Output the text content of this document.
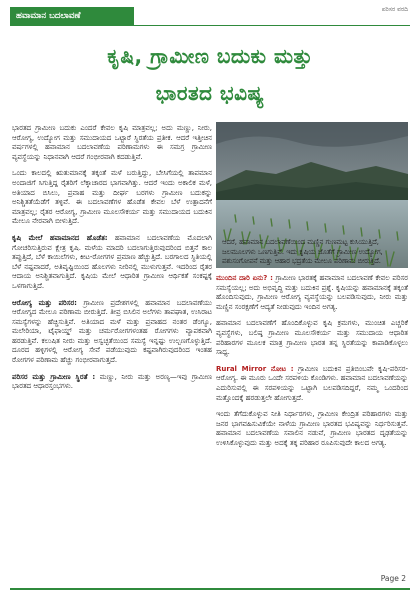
ಹವಾಮಾನ ಬದಲಾವಣೆ
ಪರಿಸರ ವರದಿ
ಕೃಷಿ, ಗ್ರಾಮೀಣ ಬದುಕು ಮತ್ತು
ಭಾರತದ ಭವಿಷ್ಯ

ಭಾರತದ ಗ್ರಾಮೀಣ ಬದುಕು ಎಂದರೆ ಕೇವಲ ಕೃಷಿ ಮಾತ್ರವಲ್ಲ; ಅದು ಮಣ್ಣು, ನೀರು, ಆರೋಗ್ಯ, ಉದ್ಯೋಗ ಮತ್ತು ಸಮುದಾಯದ ಒಟ್ಟಾರೆ ಸ್ಥಿರತೆಯ ಪ್ರತೀಕ. ಆದರೆ ಇತ್ತೀಚಿನ ವರ್ಷಗಳಲ್ಲಿ ಹವಾಮಾನ ಬದಲಾವಣೆಯ ಪರಿಣಾಮಗಳು ಈ ಸಮಗ್ರ ಗ್ರಾಮೀಣ ವ್ಯವಸ್ಥೆಯನ್ನು ನಿಧಾನವಾಗಿ ಆದರೆ ಗಂಭೀರವಾಗಿ ಕದಡುತ್ತಿವೆ.

ಒಂದು ಕಾಲದಲ್ಲಿ ಋತುಮಾನಕ್ಕೆ ತಕ್ಕಂತೆ ಮಳೆ ಬರುತ್ತಿದ್ದು, ಬೇಸಿಗೆಯಲ್ಲಿ ತಾಪಮಾನ ಅಂದಾಜಿಗೆ ಸಿಗುತ್ತಿದ್ದ ರೈತರಿಗೆ ಲೆಕ್ಕಾಚಾರದ ಭಾಗವಾಗಿತ್ತು. ಆದರೆ ಇಂದು ಅಕಾಲಿಕ ಮಳೆ, ಅತಿಯಾದ ಬಿಸಿಲು, ಪ್ರವಾಹ ಮತ್ತು ದೀರ್ಘ ಬರಗಳು ಗ್ರಾಮೀಣ ಬದುಕನ್ನು ಅನಿಶ್ಚಿತತೆಯೆಡೆಗೆ ತಳ್ಳಿವೆ. ಈ ಬದಲಾವಣೆಗಳ ಹೊಡೆತ ಕೇವಲ ಬೆಳೆ ಉತ್ಪಾದನೆಗೆ ಮಾತ್ರವಲ್ಲ; ರೈತರ ಆರೋಗ್ಯ, ಗ್ರಾಮೀಣ ಮೂಲಸೌಕರ್ಯ ಮತ್ತು ಸಮುದಾಯದ ಬದುಕಿನ ಮೇಲೂ ನೇರವಾಗಿ ಬೀಳುತ್ತಿದೆ.

ಕೃಷಿ ಮೇಲೆ ಹವಾಮಾನದ ಹೊಡೆತ: ಹವಾಮಾನ ಬದಲಾವಣೆಯ ಮೊದಲಾಗಿ ಗೋಚರಿಸುತ್ತಿರುವ ಕ್ಷೇತ್ರ ಕೃಷಿ. ಮಳೆಯ ಮಾದರಿ ಬದಲಾಗುತ್ತಿರುವುದರಿಂದ ಬಿತ್ತನೆ ಕಾಲ ತಪ್ಪುತ್ತಿದೆ, ಬೆಳೆ ಕಾಯಿಲೆಗಳು, ಕೀಟ-ರೋಗಗಳ ಪ್ರಮಾಣ ಹೆಚ್ಚುತ್ತಿದೆ. ಬರಗಾಲದ ಸ್ಥಿತಿಯಲ್ಲಿ ಬೆಳೆ ನಷ್ಟವಾದರೆ, ಅತಿವೃಷ್ಟಿಯಿಂದ ಹೊಲಗಳು ನೀರಿನಲ್ಲಿ ಮುಳುಗುತ್ತವೆ. ಇದರಿಂದ ರೈತರ ಆದಾಯ ಅನಿಶ್ಚಿತವಾಗುತ್ತಿದೆ. ಕೃಷಿಯ ಮೇಲೆ ಆಧಾರಿತ ಗ್ರಾಮೀಣ ಆರ್ಥಿಕತೆ ಸಂಕಷ್ಟಕ್ಕೆ ಒಳಗಾಗುತ್ತಿದೆ.

ಆರೋಗ್ಯ ಮತ್ತು ಪರಿಸರ: ಗ್ರಾಮೀಣ ಪ್ರದೇಶಗಳಲ್ಲಿ ಹವಾಮಾನ ಬದಲಾವಣೆಯು ಆರೋಗ್ಯದ ಮೇಲೂ ಪರಿಣಾಮ ಬೀರುತ್ತಿದೆ. ತೀವ್ರ ಬಿಸಿಲಿನ ಅಲೆಗಳು ತಾಪಘಾತ, ಉಸಿರಾಟ ಸಮಸ್ಯೆಗಳನ್ನು ಹೆಚ್ಚಿಸುತ್ತಿವೆ. ಅತಿಯಾದ ಮಳೆ ಮತ್ತು ಪ್ರವಾಹದ ನಂತರ ಡೆಂಗ್ಯೂ, ಮಲೇರಿಯಾ, ಟೈಫಾಯ್ಡ್ ಮತ್ತು ಚರ್ಮರೋಗಗಳಂತಹ ರೋಗಗಳು ವ್ಯಾಪಕವಾಗಿ ಹರಡುತ್ತಿವೆ. ಕಲುಷಿತ ನೀರು ಮತ್ತು ಅಸ್ವಚ್ಛತೆಯಿಂದ ಸಮಸ್ಯೆ ಇನ್ನಷ್ಟು ಉಲ್ಬಣಗೊಳ್ಳುತ್ತಿದೆ. ದೂರದ ಹಳ್ಳಿಗಳಲ್ಲಿ ಆರೋಗ್ಯ ಸೇವೆ ಪಡೆಯುವುದು ಕಷ್ಟವಾಗಿರುವುದರಿಂದ ಇಂತಹ ರೋಗಗಳ ಪರಿಣಾಮ ಹೆಚ್ಚು ಗಂಭೀರವಾಗುತ್ತದೆ.

ಪರಿಸರ ಮತ್ತು ಗ್ರಾಮೀಣ ಸ್ಥಿರತೆ : ಮಣ್ಣು, ನೀರು ಮತ್ತು ಅರಣ್ಯ—ಇವು ಗ್ರಾಮೀಣ ಭಾರತದ ಆಧಾರಸ್ತಂಭಗಳು.

ಆದರೆ, ಹವಾಮಾನ ಬದಲಾವಣೆಯಿಂದ ಮಣ್ಣಿನ ಗುಣಮಟ್ಟ ಕುಸಿಯುತ್ತಿದೆ, ಜಲಮೂಲಗಳು ಒಣಗುತ್ತಿವೆ. ಇದು ಕೃಷಿಯ ಜೊತೆಗೆ ಗ್ರಾಮೀಣ ಉದ್ಯೋಗ, ಪಶುಸಂಗೋಪನೆ ಮತ್ತು ಆಹಾರ ಭದ್ರತೆಯ ಮೇಲೂ ಪರಿಣಾಮ ಬೀರುತ್ತಿದೆ.

ಮುಂದಿನ ದಾರಿ ಏನು? : ಗ್ರಾಮೀಣ ಭಾರತಕ್ಕೆ ಹವಾಮಾನ ಬದಲಾವಣೆ ಕೇವಲ ಪರಿಸರ ಸಮಸ್ಯೆಯಲ್ಲ; ಅದು ಅಭಿವೃದ್ಧಿ ಮತ್ತು ಬದುಕಿನ ಪ್ರಶ್ನೆ. ಕೃಷಿಯನ್ನು ಹವಾಮಾನಕ್ಕೆ ತಕ್ಕಂತೆ ಹೊಂದಿಸುವುದು, ಗ್ರಾಮೀಣ ಆರೋಗ್ಯ ವ್ಯವಸ್ಥೆಯನ್ನು ಬಲಪಡಿಸುವುದು, ನೀರು ಮತ್ತು ಮಣ್ಣಿನ ಸಂರಕ್ಷಣೆಗೆ ಆದ್ಯತೆ ನೀಡುವುದು ಇಂದಿನ ಅಗತ್ಯ.

ಹವಾಮಾನ ಬದಲಾವಣೆಗೆ ಹೊಂದಿಕೊಳ್ಳುವ ಕೃಷಿ ಕ್ರಮಗಳು, ಮುಂಚಿತ ಎಚ್ಚರಿಕೆ ವ್ಯವಸ್ಥೆಗಳು, ಬಲಿಷ್ಠ ಗ್ರಾಮೀಣ ಮೂಲಸೌಕರ್ಯ ಮತ್ತು ಸಮುದಾಯ ಆಧಾರಿತ ಪರಿಹಾರಗಳ ಮೂಲಕ ಮಾತ್ರ ಗ್ರಾಮೀಣ ಭಾರತ ತನ್ನ ಸ್ಥಿರತೆಯನ್ನು ಕಾಪಾಡಿಕೊಳ್ಳಲು ಸಾಧ್ಯ.

Rural Mirror ನೋಟ : ಗ್ರಾಮೀಣ ಬದುಕಿನ ಪ್ರತಿಬಿಂಬವೇ ಕೃಷಿ-ಪರಿಸರ-ಆರೋಗ್ಯ. ಈ ಮೂರು ಒಂದೇ ಸರಪಳಿಯ ಕೊಂಡಿಗಳು. ಹವಾಮಾನ ಬದಲಾವಣೆಯನ್ನು ಎದುರಿಸುವಲ್ಲಿ ಈ ಸರಪಳಿಯನ್ನು ಒಟ್ಟಾಗಿ ಬಲಪಡಿಸದಿದ್ದರೆ, ನಮ್ಮ ಒಂದರಿಂದ ಮತ್ತೊಂದಕ್ಕೆ ಹರಡುತ್ತಲೇ ಹೋಗುತ್ತದೆ.

ಇಂದು ತೆಗೆದುಕೊಳ್ಳುವ ನೀತಿ ನಿರ್ಧಾರಗಳು, ಗ್ರಾಮೀಣ ಕೇಂದ್ರಿತ ಪರಿಹಾರಗಳು ಮತ್ತು ಜನರ ಭಾಗವಹಿಸುವಿಕೆಯೇ ನಾಳೆಯ ಗ್ರಾಮೀಣ ಭಾರತದ ಭವಿಷ್ಯವನ್ನು ನಿರ್ಧರಿಸುತ್ತವೆ. ಹವಾಮಾನ ಬದಲಾವಣೆಯ ಸವಾಲಿನ ನಡುವೆ, ಗ್ರಾಮೀಣ ಭಾರತದ ದೃಢತೆಯನ್ನು ಉಳಿಸಿಕೊಳ್ಳುವುದು ಮತ್ತು ಅದಕ್ಕೆ ತಕ್ಕ ಪರಿಹಾರ ರೂಪಿಸುವುದೇ ಕಾಲದ ಅಗತ್ಯ.

Page 2
